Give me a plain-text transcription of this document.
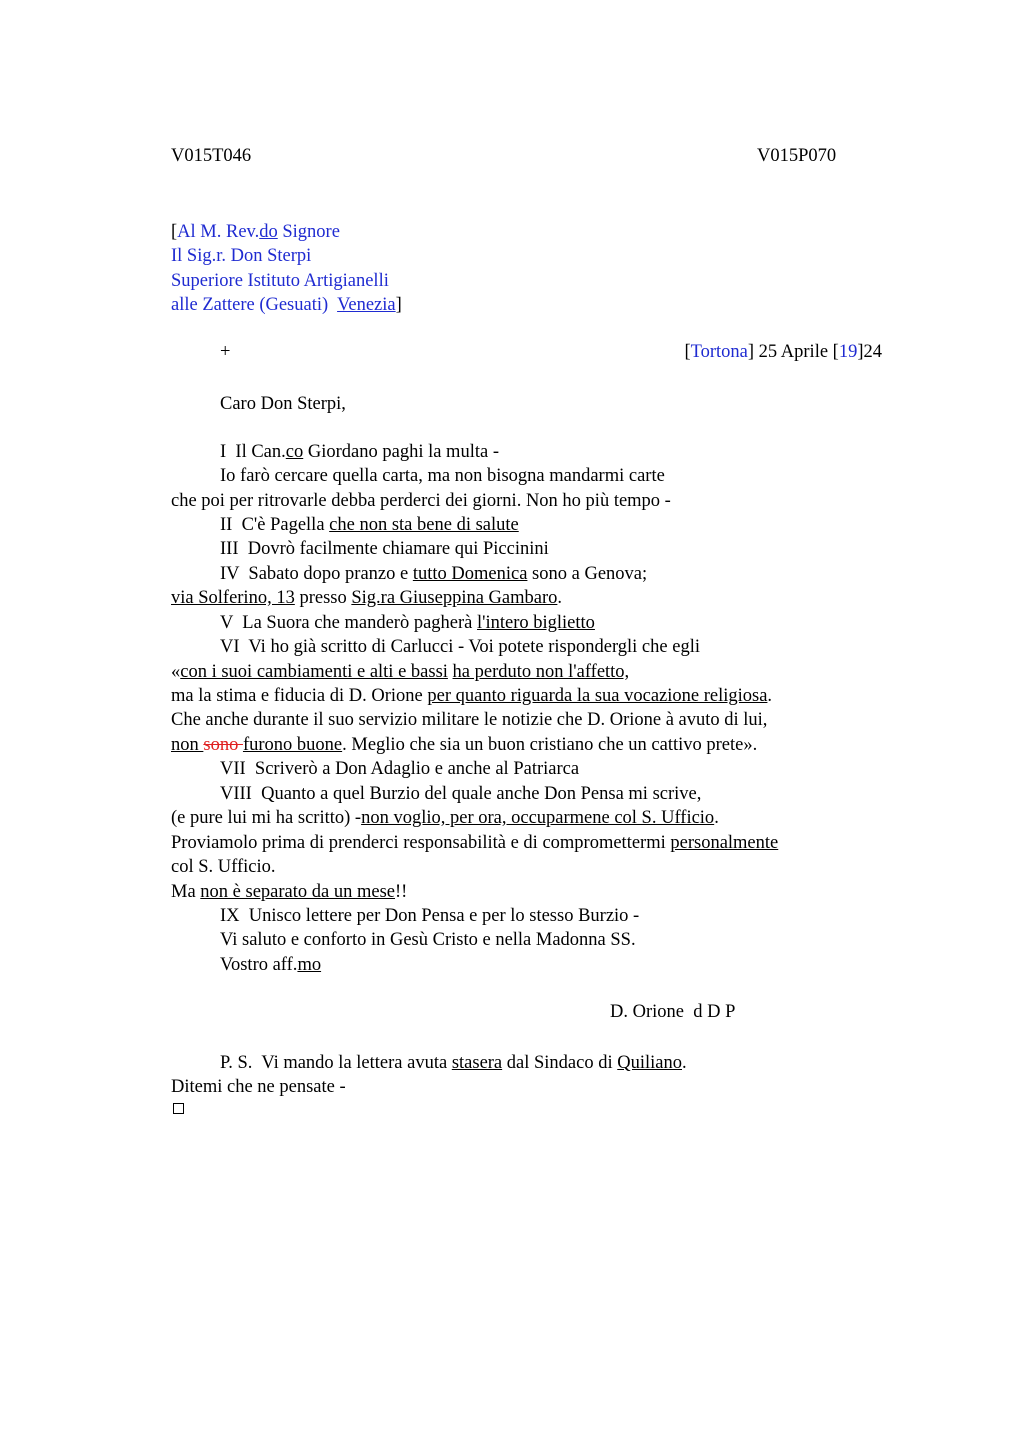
V015T046	V015P070
[Al M. Rev.do Signore
Il Sig.r. Don Sterpi
Superiore Istituto Artigianelli
alle Zattere (Gesuati)  Venezia]
+	[Tortona] 25 Aprile [19]24
Caro Don Sterpi,
I  Il Can.co Giordano paghi la multa -
Io farò cercare quella carta, ma non bisogna mandarmi carte
che poi per ritrovarle debba perderci dei giorni. Non ho più tempo -
II  C'è Pagella che non sta bene di salute
III  Dovrò facilmente chiamare qui Piccinini
IV  Sabato dopo pranzo e tutto Domenica sono a Genova;
via Solferino, 13 presso Sig.ra Giuseppina Gambaro.
V  La Suora che manderò pagherà l'intero biglietto
VI  Vi ho già scritto di Carlucci - Voi potete rispondergli che egli
«con i suoi cambiamenti e alti e bassi ha perduto non l'affetto,
ma la stima e fiducia di D. Orione per quanto riguarda la sua vocazione religiosa.
Che anche durante il suo servizio militare le notizie che D. Orione à avuto di lui,
non sono furono buone. Meglio che sia un buon cristiano che un cattivo prete».
VII  Scriverò a Don Adaglio e anche al Patriarca
VIII  Quanto a quel Burzio del quale anche Don Pensa mi scrive,
(e pure lui mi ha scritto) -non voglio, per ora, occuparmene col S. Ufficio.
Proviamolo prima di prenderci responsabilità e di compromettermi personalmente
col S. Ufficio.
Ma non è separato da un mese!!
IX  Unisco lettere per Don Pensa e per lo stesso Burzio -
Vi saluto e conforto in Gesù Cristo e nella Madonna SS.
Vostro aff.mo
D. Orione  d D P
P. S.  Vi mando la lettera avuta stasera dal Sindaco di Quiliano.
Ditemi che ne pensate -
